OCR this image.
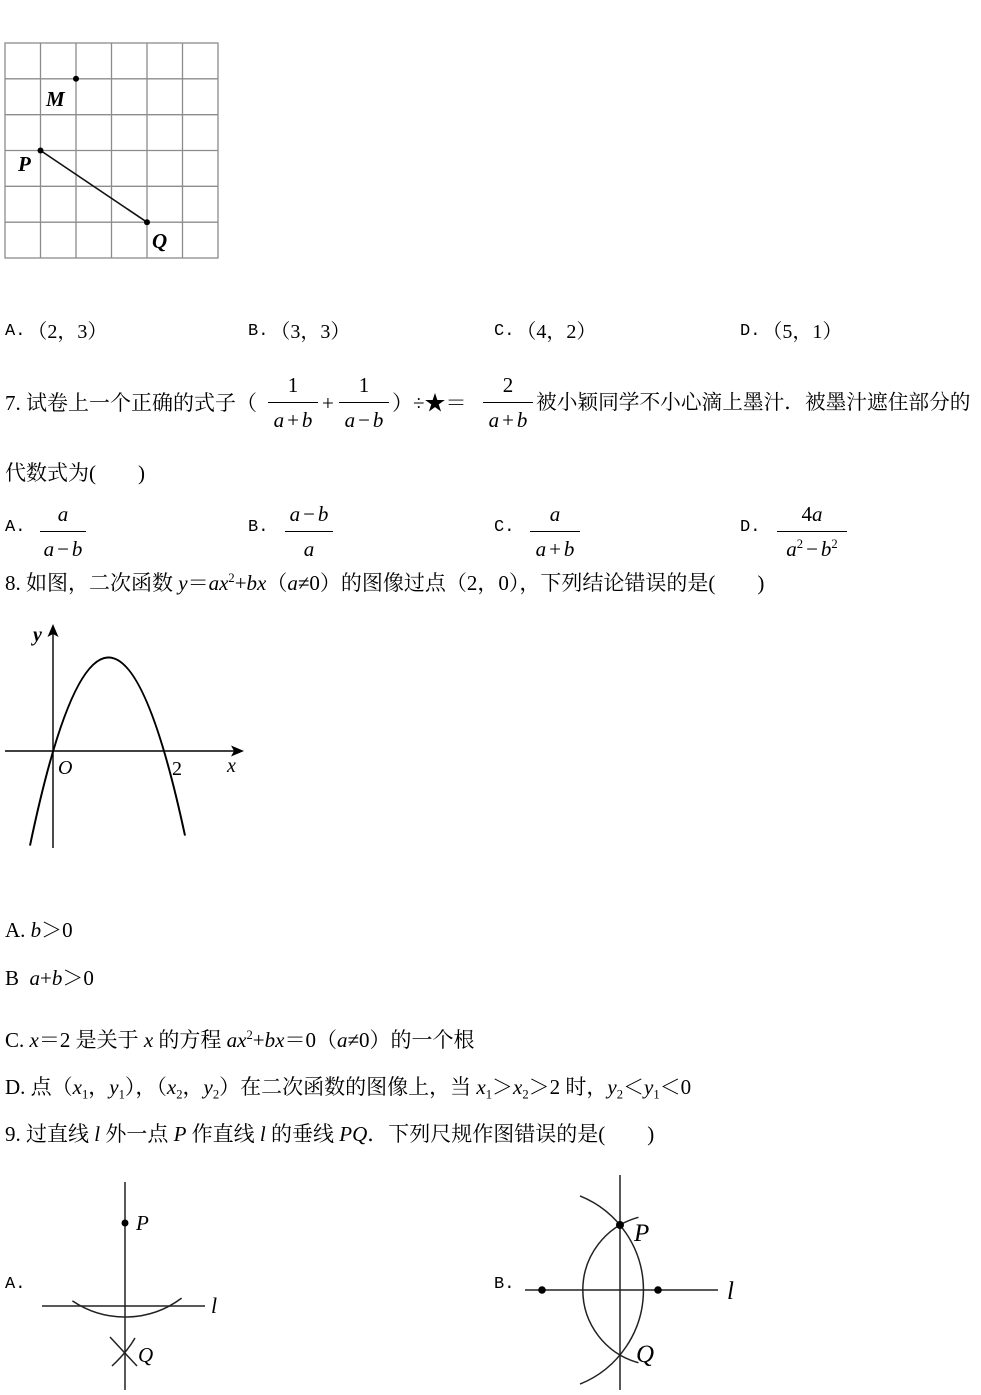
M
P
Q
A. （2，3）	B. （3，3）	C. （4，2）	D. （5，1）
7. 试卷上一个正确的式子（ $\frac{1}{a + b} + \frac{1}{a - b}$ ）÷★＝ $\frac{2}{a + b}$ 被小颖同学不小心滴上墨汁．被墨汁遮住部分的
代数式为(　　)
A. $\frac{a}{a - b}$	B. $\frac{a - b}{a}$	C. $\frac{a}{a + b}$	D. $\frac{4a}{a^2 - b^2}$
8. 如图，二次函数 $y=ax^2+bx(a\ne 0)$的图像过点（2，0），下列结论错误的是(　　)
y
O	2 x
A. b＞0
B  a+b＞0
C. x＝2 是关于 x 的方程 $ax^2+bx=0(a\ne 0)$的一个根
D. 点（$x_1$，$y_1$），（$x_2$，$y_2$）在二次函数的图像上，当 $x_1>x_2>2$ 时，$y_2<y_1<0$
9. 过直线 l 外一点 P 作直线 l 的垂线 PQ．下列尺规作图错误的是(　　)
A.
P
l
Q
B.
P
l
Q
